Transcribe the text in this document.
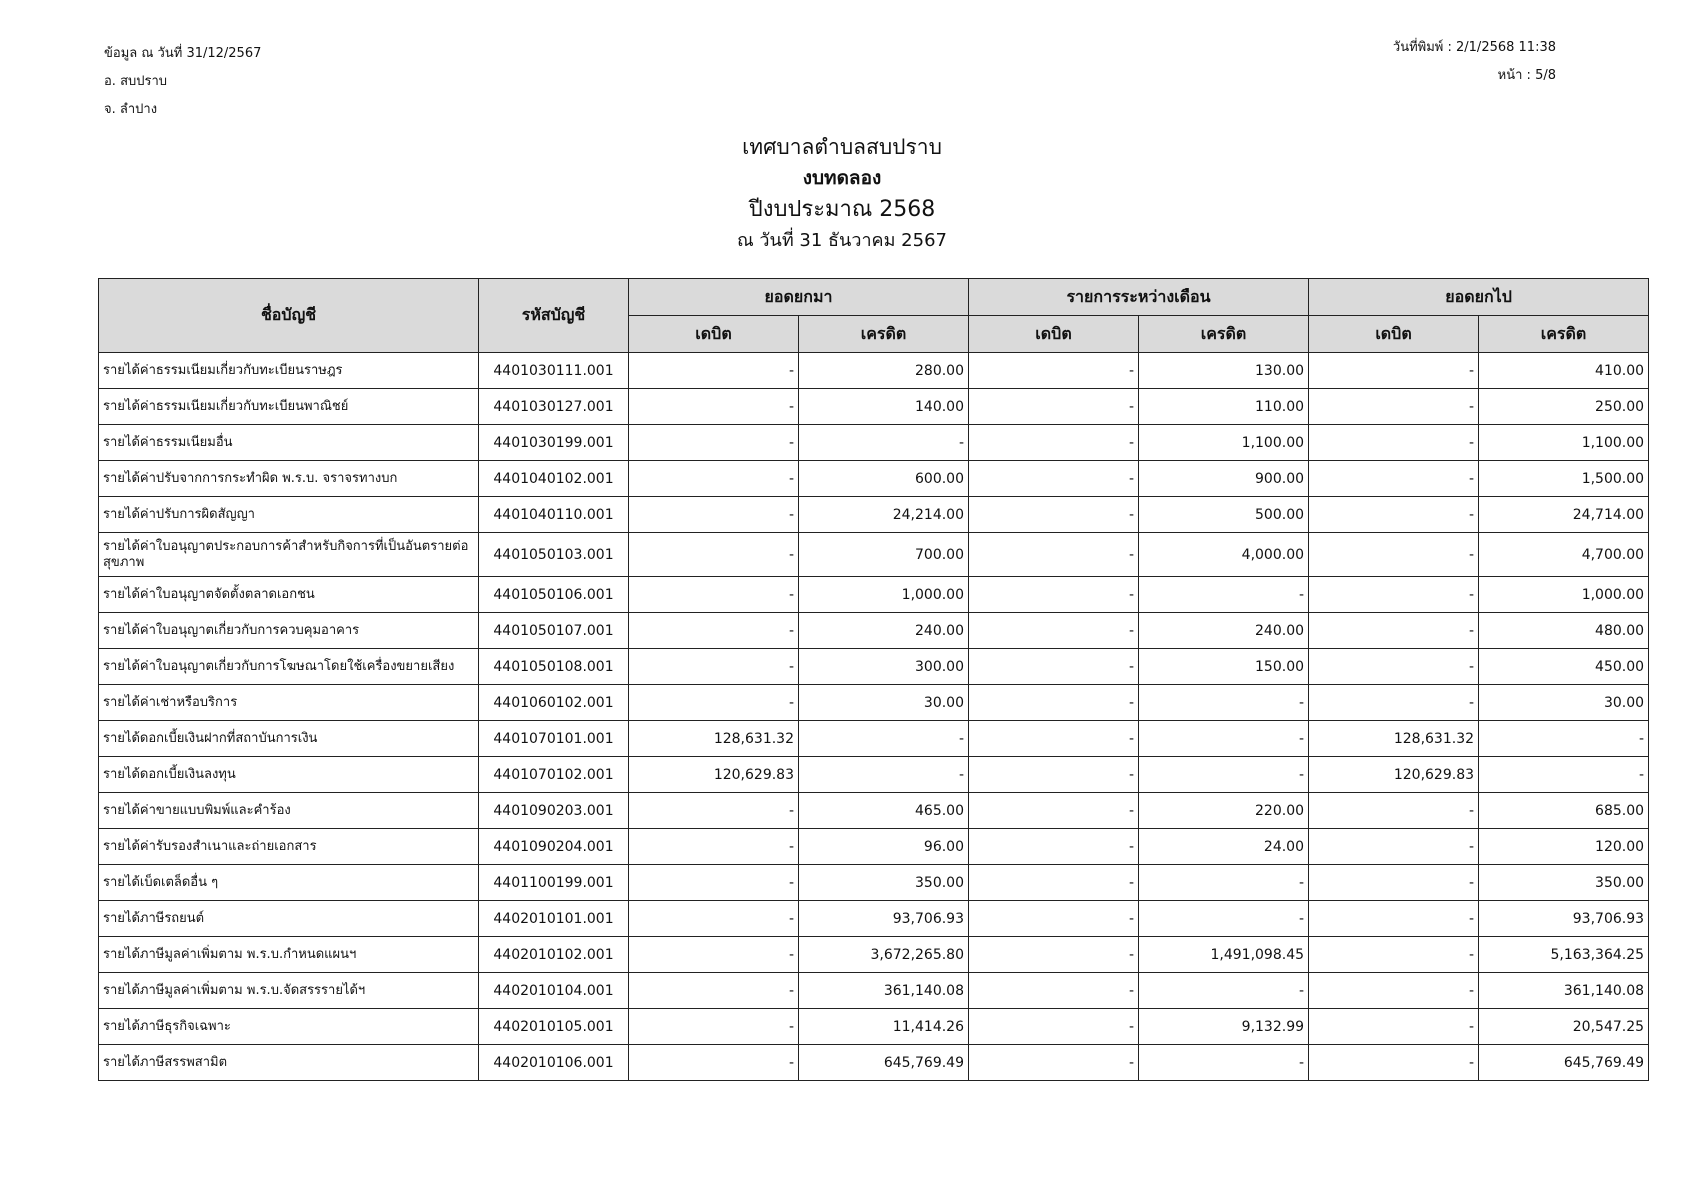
ข้อมูล ณ วันที่ 31/12/2567
อ. สบปราบ
จ. ลำปาง
วันที่พิมพ์ : 2/1/2568 11:38
หน้า : 5/8
เทศบาลตำบลสบปราบ
งบทดลอง
ปีงบประมาณ 2568
ณ วันที่ 31 ธันวาคม 2567
ชื่อบัญชี	รหัสบัญชี	ยอดยกมา		รายการระหว่างเดือน		ยอดยกไป	
		เดบิต	เครดิต	เดบิต	เครดิต	เดบิต	เครดิต
รายได้ค่าธรรมเนียมเกี่ยวกับทะเบียนราษฎร	4401030111.001	-	280.00	-	130.00	-	410.00
รายได้ค่าธรรมเนียมเกี่ยวกับทะเบียนพาณิชย์	4401030127.001	-	140.00	-	110.00	-	250.00
รายได้ค่าธรรมเนียมอื่น	4401030199.001	-	-	-	1,100.00	-	1,100.00
รายได้ค่าปรับจากการกระทำผิด พ.ร.บ. จราจรทางบก	4401040102.001	-	600.00	-	900.00	-	1,500.00
รายได้ค่าปรับการผิดสัญญา	4401040110.001	-	24,214.00	-	500.00	-	24,714.00
รายได้ค่าใบอนุญาตประกอบการค้าสำหรับกิจการที่เป็นอันตรายต่อสุขภาพ	4401050103.001	-	700.00	-	4,000.00	-	4,700.00
รายได้ค่าใบอนุญาตจัดตั้งตลาดเอกชน	4401050106.001	-	1,000.00	-	-	-	1,000.00
รายได้ค่าใบอนุญาตเกี่ยวกับการควบคุมอาคาร	4401050107.001	-	240.00	-	240.00	-	480.00
รายได้ค่าใบอนุญาตเกี่ยวกับการโฆษณาโดยใช้เครื่องขยายเสียง	4401050108.001	-	300.00	-	150.00	-	450.00
รายได้ค่าเช่าหรือบริการ	4401060102.001	-	30.00	-	-	-	30.00
รายได้ดอกเบี้ยเงินฝากที่สถาบันการเงิน	4401070101.001	128,631.32	-	-	-	128,631.32	-
รายได้ดอกเบี้ยเงินลงทุน	4401070102.001	120,629.83	-	-	-	120,629.83	-
รายได้ค่าขายแบบพิมพ์และคำร้อง	4401090203.001	-	465.00	-	220.00	-	685.00
รายได้ค่ารับรองสำเนาและถ่ายเอกสาร	4401090204.001	-	96.00	-	24.00	-	120.00
รายได้เบ็ดเตล็ดอื่น ๆ	4401100199.001	-	350.00	-	-	-	350.00
รายได้ภาษีรถยนต์	4402010101.001	-	93,706.93	-	-	-	93,706.93
รายได้ภาษีมูลค่าเพิ่มตาม พ.ร.บ.กำหนดแผนฯ	4402010102.001	-	3,672,265.80	-	1,491,098.45	-	5,163,364.25
รายได้ภาษีมูลค่าเพิ่มตาม พ.ร.บ.จัดสรรรายได้ฯ	4402010104.001	-	361,140.08	-	-	-	361,140.08
รายได้ภาษีธุรกิจเฉพาะ	4402010105.001	-	11,414.26	-	9,132.99	-	20,547.25
รายได้ภาษีสรรพสามิต	4402010106.001	-	645,769.49	-	-	-	645,769.49
